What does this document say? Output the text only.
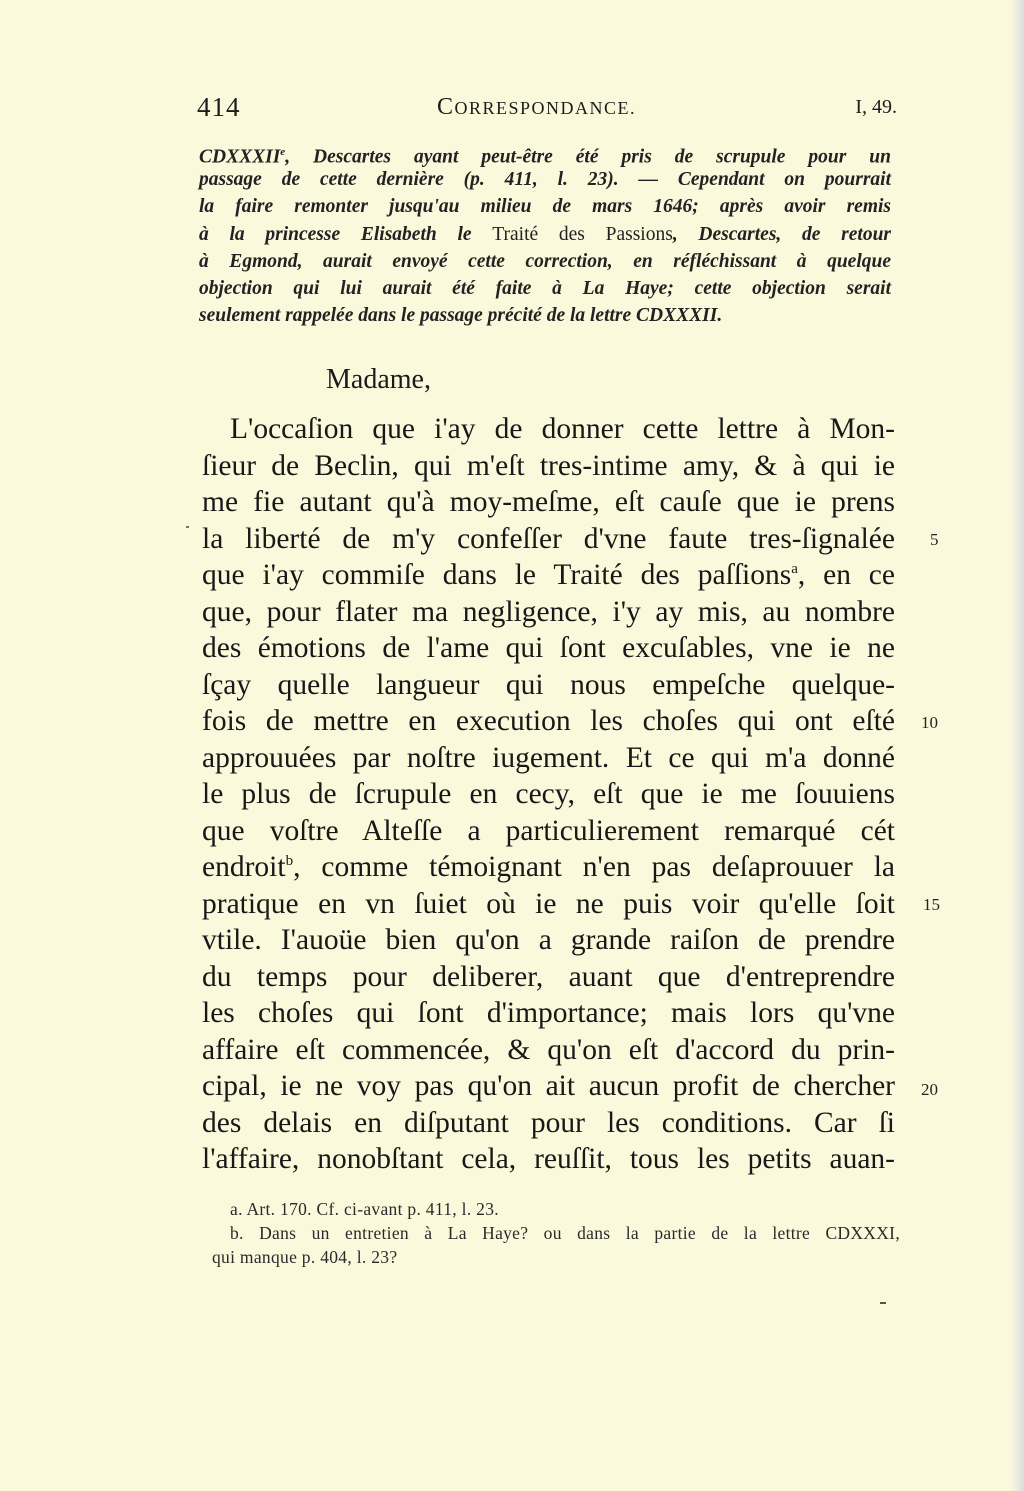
414	CORRESPONDANCE.	I, 49.
CDXXXIIe, Descartes ayant peut-être été pris de scrupule pour un
passage de cette dernière (p. 411, l. 23). — Cependant on pourrait
la faire remonter jusqu'au milieu de mars 1646; après avoir remis
à la princesse Elisabeth le Traité des Passions, Descartes, de retour
à Egmond, aurait envoyé cette correction, en réfléchissant à quelque
objection qui lui aurait été faite à La Haye; cette objection serait
seulement rappelée dans le passage précité de la lettre CDXXXII.
Madame,
L'occaſion que i'ay de donner cette lettre à Mon-
ſieur de Beclin, qui m'eſt tres-intime amy, & à qui ie
me fie autant qu'à moy-meſme, eſt cauſe que ie prens
la liberté de m'y confeſſer d'vne faute tres-ſignalée
que i'ay commiſe dans le Traité des paſſions$^a$, en ce
que, pour flater ma negligence, i'y ay mis, au nombre
des émotions de l'ame qui ſont excuſables, vne ie ne
ſçay quelle langueur qui nous empeſche quelque-
fois de mettre en execution les choſes qui ont eſté
approuuées par noſtre iugement. Et ce qui m'a donné
le plus de ſcrupule en cecy, eſt que ie me ſouuiens
que voſtre Alteſſe a particulierement remarqué cét
endroit$^b$, comme témoignant n'en pas deſaprouuer la
pratique en vn ſuiet où ie ne puis voir qu'elle ſoit
vtile. I'auoüe bien qu'on a grande raiſon de prendre
du temps pour deliberer, auant que d'entreprendre
les choſes qui ſont d'importance; mais lors qu'vne
affaire eſt commencée, & qu'on eſt d'accord du prin-
cipal, ie ne voy pas qu'on ait aucun profit de chercher
des delais en diſputant pour les conditions. Car ſi
l'affaire, nonobſtant cela, reuſſit, tous les petits auan-
5
10
15
20
a. Art. 170. Cf. ci-avant p. 411, l. 23.
b. Dans un entretien à La Haye? ou dans la partie de la lettre CDXXXI,
qui manque p. 404, l. 23?
